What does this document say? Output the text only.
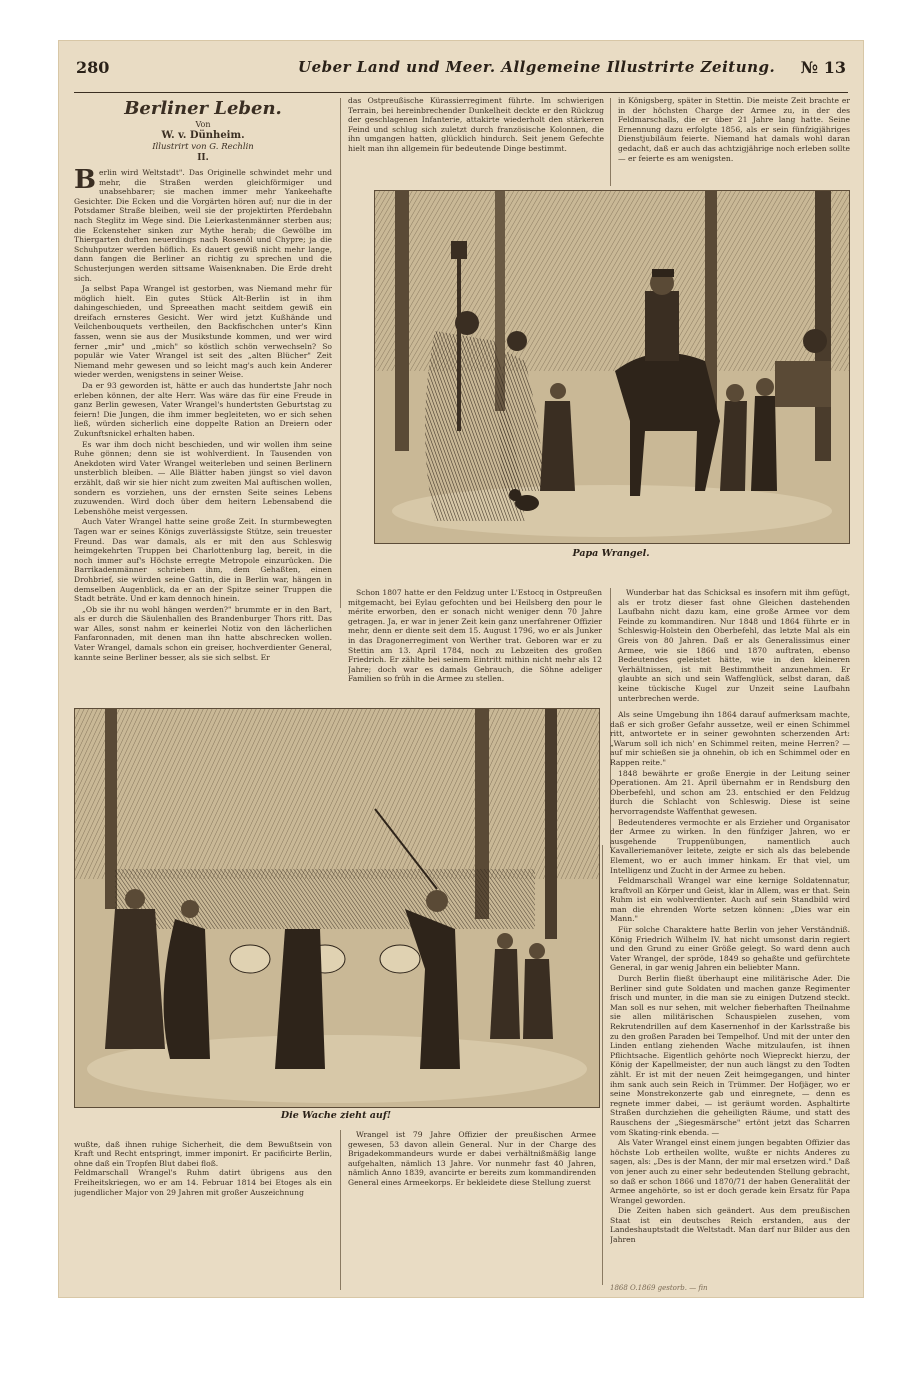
280	Ueber Land und Meer. Allgemeine Illustrirte Zeitung. № 13
Berliner Leben.
Von
W. v. Dünheim.
Illustrirt von G. Rechlin
II.
B erlin wird Weltstadt". Das Originelle schwindet mehr und mehr, die Straßen werden gleichförmiger und unabsehbarer; sie machen immer mehr Yankeehafte Gesichter. Die Ecken und die Vorgärten hören auf; nur die in der Potsdamer Straße bleiben, weil sie der projektirten Pferdebahn nach Steglitz im Wege sind. Die Leierkastenmänner sterben aus; die Eckensteher sinken zur Mythe herab; die Gewölbe im Thiergarten duften neuerdings nach Rosenöl und Chypre; ja die Schuhputzer werden höflich. Es dauert gewiß nicht mehr lange, dann fangen die Berliner an richtig zu sprechen und die Schusterjungen werden sittsame Waisenknaben. Die Erde dreht sich.

Ja selbst Papa Wrangel ist gestorben, was Niemand mehr für möglich hielt. Ein gutes Stück Alt-Berlin ist in ihm dahingeschieden, und Spreeathen macht seitdem gewiß ein dreifach ernsteres Gesicht. Wer wird jetzt Kußhände und Veilchenbouquets vertheilen, den Backfischchen unter's Kinn fassen, wenn sie aus der Musikstunde kommen, und wer wird ferner „mir" und „mich" so köstlich schön verwechseln? So populär wie Vater Wrangel ist seit des „alten Blücher" Zeit Niemand mehr gewesen und so leicht mag's auch kein Anderer wieder werden, wenigstens in seiner Weise.

Da er 93 geworden ist, hätte er auch das hundertste Jahr noch erleben können, der alte Herr. Was wäre das für eine Freude in ganz Berlin gewesen, Vater Wrangel's hundertsten Geburtstag zu feiern! Die Jungen, die ihm immer begleiteten, wo er sich sehen ließ, würden sicherlich eine doppelte Ration an Dreiern oder Zukunftsnickel erhalten haben.

Es war ihm doch nicht beschieden, und wir wollen ihm seine Ruhe gönnen; denn sie ist wohlverdient. In Tausenden von Anekdoten wird Vater Wrangel weiterleben und seinen Berlinern unsterblich bleiben. — Alle Blätter haben jüngst so viel davon erzählt, daß wir sie hier nicht zum zweiten Mal auftischen wollen, sondern es vorziehen, uns der ernsten Seite seines Lebens zuzuwenden. Wird doch über dem heitern Lebensabend die Lebenshöhe meist vergessen.

Auch Vater Wrangel hatte seine große Zeit. In sturmbewegten Tagen war er seines Königs zuverlässigste Stütze, sein treuester Freund. Das war damals, als er mit den aus Schleswig heimgekehrten Truppen bei Charlottenburg lag, bereit, in die noch immer auf's Höchste erregte Metropole einzurücken. Die Barrikadenmänner schrieben ihm, dem Gehaßten, einen Drohbrief, sie würden seine Gattin, die in Berlin war, hängen in demselben Augenblick, da er an der Spitze seiner Truppen die Stadt beträte. Und er kam dennoch hinein.

„Ob sie ihr nu wohl hängen werden?" brummte er in den Bart, als er durch die Säulenhallen des Brandenburger Thors ritt. Das war Alles, sonst nahm er keinerlei Notiz von den lächerlichen Fanfaronnaden, mit denen man ihn hatte abschrecken wollen. Vater Wrangel, damals schon ein greiser, hochverdienter General, kannte seine Berliner besser, als sie sich selbst. Er

das Ostpreußische Kürassierregiment führte. Im schwierigen Terrain, bei hereinbrechender Dunkelheit deckte er den Rückzug der geschlagenen Infanterie, attakirte wiederholt den stärkeren Feind und schlug sich zuletzt durch französische Kolonnen, die ihn umgangen hatten, glücklich hindurch. Seit jenem Gefechte hielt man ihn allgemein für bedeutende Dinge bestimmt.

in Königsberg, später in Stettin. Die meiste Zeit brachte er in der höchsten Charge der Armee zu, in der des Feldmarschalls, die er über 21 Jahre lang hatte. Seine Ernennung dazu erfolgte 1856, als er sein fünfzigjähriges Dienstjubiläum feierte. Niemand hat damals wohl daran gedacht, daß er auch das achtzigjährige noch erleben sollte — er feierte es am wenigsten.

Papa Wrangel.

Schon 1807 hatte er den Feldzug unter L'Estocq in Ostpreußen mitgemacht, bei Eylau gefochten und bei Heilsberg den pour le mérite erworben, den er sonach nicht weniger denn 70 Jahre getragen. Ja, er war in jener Zeit kein ganz unerfahrener Offizier mehr, denn er diente seit dem 15. August 1796, wo er als Junker in das Dragonerregiment von Werther trat. Geboren war er zu Stettin am 13. April 1784, noch zu Lebzeiten des großen Friedrich. Er zählte bei seinem Eintritt mithin nicht mehr als 12 Jahre; doch war es damals Gebrauch, die Söhne adeliger Familien so früh in die Armee zu stellen.

Wunderbar hat das Schicksal es insofern mit ihm gefügt, als er trotz dieser fast ohne Gleichen dastehenden Laufbahn nicht dazu kam, eine große Armee vor dem Feinde zu kommandiren. Nur 1848 und 1864 führte er in Schleswig-Holstein den Oberbefehl, das letzte Mal als ein Greis von 80 Jahren. Daß er als Generalissimus einer Armee, wie sie 1866 und 1870 auftraten, ebenso Bedeutendes geleistet hätte, wie in den kleineren Verhältnissen, ist mit Bestimmtheit anzunehmen. Er glaubte an sich und sein Waffenglück, selbst daran, daß keine tückische Kugel zur Unzeit seine Laufbahn unterbrechen werde.

Als seine Umgebung ihn 1864 darauf aufmerksam machte, daß er sich großer Gefahr aussetze, weil er einen Schimmel ritt, antwortete er in seiner gewohnten scherzenden Art: „Warum soll ich nich' en Schimmel reiten, meine Herren? — auf mir schießen sie ja ohnehin, ob ich en Schimmel oder en Rappen reite."

1848 bewährte er große Energie in der Leitung seiner Operationen. Am 21. April übernahm er in Rendsburg den Oberbefehl, und schon am 23. entschied er den Feldzug durch die Schlacht von Schleswig. Diese ist seine hervorragendste Waffenthat gewesen.

Bedeutenderes vermochte er als Erzieher und Organisator der Armee zu wirken. In den fünfziger Jahren, wo er ausgehende Truppenübungen, namentlich auch Kavalleriemanöver leitete, zeigte er sich als das belebende Element, wo er auch immer hinkam. Er that viel, um Intelligenz und Zucht in der Armee zu heben.

Feldmarschall Wrangel war eine kernige Soldatennatur, kraftvoll an Körper und Geist, klar in Allem, was er that. Sein Ruhm ist ein wohlverdienter. Auch auf sein Standbild wird man die ehrenden Worte setzen können: „Dies war ein Mann."

Für solche Charaktere hatte Berlin von jeher Verständniß. König Friedrich Wilhelm IV. hat nicht umsonst darin regiert und den Grund zu einer Größe gelegt. So ward denn auch Vater Wrangel, der spröde, 1849 so gehaßte und gefürchtete General, in gar wenig Jahren ein beliebter Mann.

Durch Berlin fließt überhaupt eine militärische Ader. Die Berliner sind gute Soldaten und machen ganze Regimenter frisch und munter, in die man sie zu einigen Dutzend steckt. Man soll es nur sehen, mit welcher fieberhaften Theilnahme sie allen militärischen Schauspielen zusehen, vom Rekrutendrillen auf dem Kasernenhof in der Karlsstraße bis zu den großen Paraden bei Tempelhof. Und mit der unter den Linden entlang ziehenden Wache mitzulaufen, ist ihnen Pflichtsache. Eigentlich gehörte noch Wiepreckt hierzu, der König der Kapellmeister, der nun auch längst zu den Todten zählt. Er ist mit der neuen Zeit heimgegangen, und hinter ihm sank auch sein Reich in Trümmer. Der Hofjäger, wo er seine Monstrekonzerte gab und einregnete, — denn es regnete immer dabei, — ist geräumt worden. Asphaltirte Straßen durchziehen die geheiligten Räume, und statt des Rauschens der „Siegesmärsche" ertönt jetzt das Scharren vom Skating-rink ebenda. —

Als Vater Wrangel einst einem jungen begabten Offizier das höchste Lob ertheilen wollte, wußte er nichts Anderes zu sagen, als: „Des is der Mann, der mir mal ersetzen wird." Daß von jener auch zu einer sehr bedeutenden Stellung gebracht, so daß er schon 1866 und 1870/71 der haben Generalität der Armee angehörte, so ist er doch gerade kein Ersatz für Papa Wrangel geworden.

Die Zeiten haben sich geändert. Aus dem preußischen Staat ist ein deutsches Reich erstanden, aus der Landeshauptstadt die Weltstadt. Man darf nur Bilder aus den Jahren

Die Wache zieht auf!

wußte, daß ihnen ruhige Sicherheit, die dem Bewußtsein von Kraft und Recht entspringt, immer imponirt. Er pacificirte Berlin, ohne daß ein Tropfen Blut dabei floß.
Feldmarschall Wrangel's Ruhm datirt übrigens aus den Freiheitskriegen, wo er am 14. Februar 1814 bei Etoges als ein jugendlicher Major von 29 Jahren mit großer Auszeichnung

Wrangel ist 79 Jahre Offizier der preußischen Armee gewesen, 53 davon allein General. Nur in der Charge des Brigadekommandeurs wurde er dabei verhältnißmäßig lange aufgehalten, nämlich 13 Jahre. Vor nunmehr fast 40 Jahren, nämlich Anno 1839, avancirte er bereits zum kommandirenden General eines Armeekorps. Er bekleidete diese Stellung zuerst

1868 O.1869 gestorb. — fin
